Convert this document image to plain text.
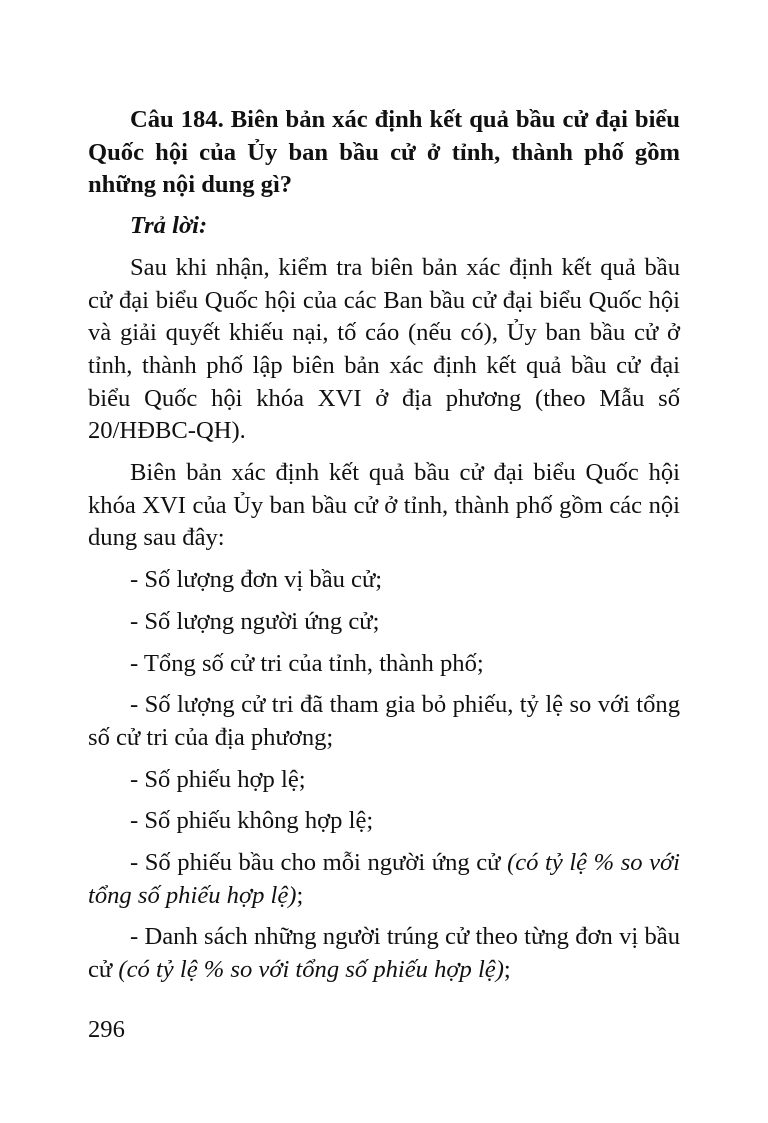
Câu 184. Biên bản xác định kết quả bầu cử đại biểu Quốc hội của Ủy ban bầu cử ở tỉnh, thành phố gồm những nội dung gì?

Trả lời:

Sau khi nhận, kiểm tra biên bản xác định kết quả bầu cử đại biểu Quốc hội của các Ban bầu cử đại biểu Quốc hội và giải quyết khiếu nại, tố cáo (nếu có), Ủy ban bầu cử ở tỉnh, thành phố lập biên bản xác định kết quả bầu cử đại biểu Quốc hội khóa XVI ở địa phương (theo Mẫu số 20/HĐBC-QH).

Biên bản xác định kết quả bầu cử đại biểu Quốc hội khóa XVI của Ủy ban bầu cử ở tỉnh, thành phố gồm các nội dung sau đây:

- Số lượng đơn vị bầu cử;

- Số lượng người ứng cử;

- Tổng số cử tri của tỉnh, thành phố;

- Số lượng cử tri đã tham gia bỏ phiếu, tỷ lệ so với tổng số cử tri của địa phương;

- Số phiếu hợp lệ;

- Số phiếu không hợp lệ;

- Số phiếu bầu cho mỗi người ứng cử (có tỷ lệ % so với tổng số phiếu hợp lệ);

- Danh sách những người trúng cử theo từng đơn vị bầu cử (có tỷ lệ % so với tổng số phiếu hợp lệ);

296
